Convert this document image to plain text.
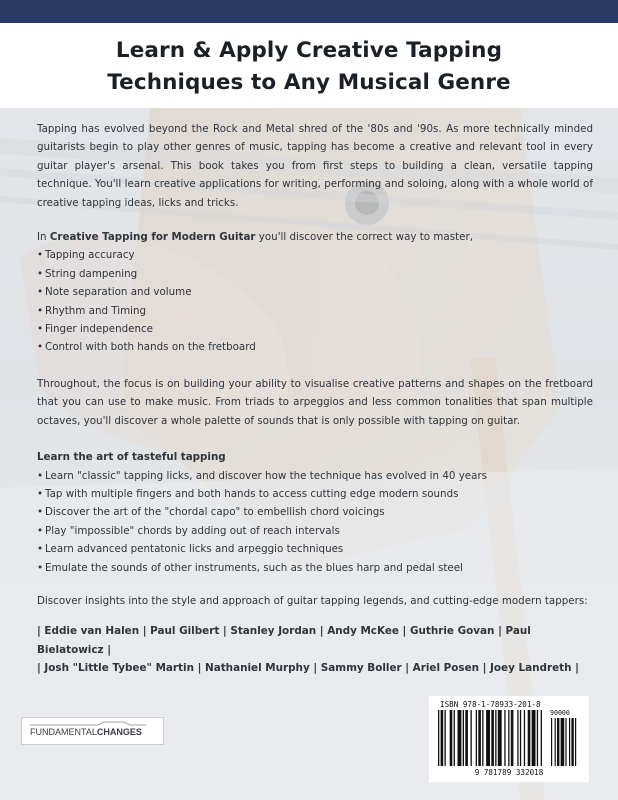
Learn & Apply Creative Tapping
Techniques to Any Musical Genre

Tapping has evolved beyond the Rock and Metal shred of the '80s and '90s. As more technically minded guitarists begin to play other genres of music, tapping has become a creative and relevant tool in every guitar player's arsenal. This book takes you from first steps to building a clean, versatile tapping technique. You'll learn creative applications for writing, performing and soloing, along with a whole world of creative tapping ideas, licks and tricks.

In Creative Tapping for Modern Guitar you'll discover the correct way to master,

• Tapping accuracy
• String dampening
• Note separation and volume
• Rhythm and Timing
• Finger independence
• Control with both hands on the fretboard

Throughout, the focus is on building your ability to visualise creative patterns and shapes on the fretboard that you can use to make music. From triads to arpeggios and less common tonalities that span multiple octaves, you'll discover a whole palette of sounds that is only possible with tapping on guitar.

Learn the art of tasteful tapping

• Learn "classic" tapping licks, and discover how the technique has evolved in 40 years
• Tap with multiple fingers and both hands to access cutting edge modern sounds
• Discover the art of the "chordal capo" to embellish chord voicings
• Play "impossible" chords by adding out of reach intervals
• Learn advanced pentatonic licks and arpeggio techniques
• Emulate the sounds of other instruments, such as the blues harp and pedal steel

Discover insights into the style and approach of guitar tapping legends, and cutting-edge modern tappers:

| Eddie van Halen | Paul Gilbert | Stanley Jordan | Andy McKee | Guthrie Govan | Paul Bielatowicz |

| Josh "Little Tybee" Martin | Nathaniel Murphy | Sammy Boller | Ariel Posen | Joey Landreth |

FUNDAMENTALCHANGES
ISBN 978-1-78933-201-8
90000
9 781789 332018
